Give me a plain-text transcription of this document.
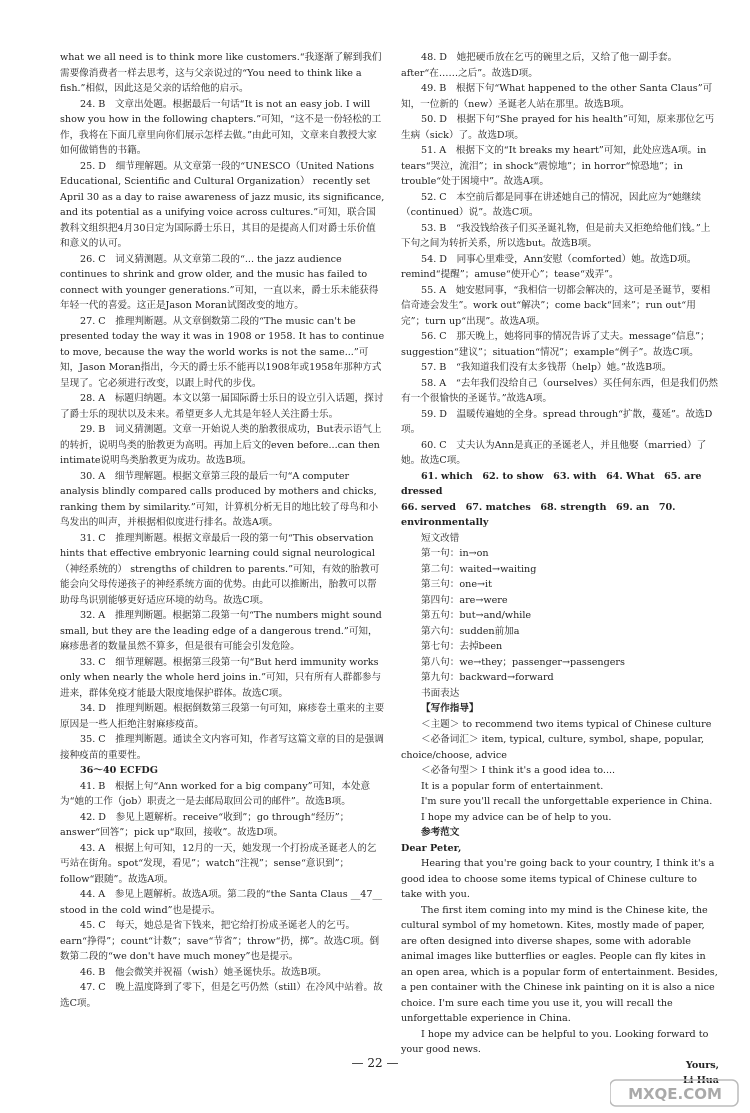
what we all need is to think more like customers.“我逐渐了解到我们需要像消费者一样去思考，这与父亲说过的“You need to think like a fish.”相似，因此这是父亲的话给他的启示。

24. B　文章出处题。根据最后一句话“It is not an easy job. I will show you how in the following chapters.”可知，“这不是一份轻松的工作，我将在下面几章里向你们展示怎样去做。”由此可知，文章来自教授大家如何做销售的书籍。

25. D　细节理解题。从文章第一段的“UNESCO（United Nations Educational, Scientific and Cultural Organization） recently set April 30 as a day to raise awareness of jazz music, its significance, and its potential as a unifying voice across cultures.”可知，联合国教科文组织把4月30日定为国际爵士乐日，其目的是提高人们对爵士乐价值和意义的认可。

26. C　词义猜测题。从文章第二段的“... the jazz audience continues to shrink and grow older, and the music has failed to connect with younger generations.”可知，一直以来，爵士乐未能获得年轻一代的喜爱。这正是Jason Moran试图改变的地方。

27. C　推理判断题。从文章倒数第二段的“The music can't be presented today the way it was in 1908 or 1958. It has to continue to move, because the way the world works is not the same...”可知，Jason Moran指出，今天的爵士乐不能再以1908年或1958年那种方式呈现了。它必须进行改变，以跟上时代的步伐。

28. A　标题归纳题。本文以第一届国际爵士乐日的设立引入话题，探讨了爵士乐的现状以及未来。希望更多人尤其是年轻人关注爵士乐。

29. B　词义猜测题。文章一开始说人类的胎教很成功，But表示语气上的转折，说明鸟类的胎教更为高明。再加上后文的even before...can then intimate说明鸟类胎教更为成功。故选B项。

30. A　细节理解题。根据文章第三段的最后一句“A computer analysis blindly compared calls produced by mothers and chicks, ranking them by similarity.”可知，计算机分析无目的地比较了母鸟和小鸟发出的叫声，并根据相似度进行排名。故选A项。

31. C　推理判断题。根据文章最后一段的第一句“This observation hints that effective embryonic learning could signal neurological（神经系统的） strengths of children to parents.”可知，有效的胎教可能会向父母传递孩子的神经系统方面的优势。由此可以推断出，胎教可以帮助母鸟识别能够更好适应环境的幼鸟。故选C项。

32. A　推理判断题。根据第二段第一句“The numbers might sound small, but they are the leading edge of a dangerous trend.”可知，麻疹患者的数量虽然不算多，但是很有可能会引发危险。

33. C　细节理解题。根据第三段第一句“But herd immunity works only when nearly the whole herd joins in.”可知，只有所有人群都参与进来，群体免疫才能最大限度地保护群体。故选C项。

34. D　推理判断题。根据倒数第三段第一句可知，麻疹卷土重来的主要原因是一些人拒绝注射麻疹疫苗。

35. C　推理判断题。通读全文内容可知，作者写这篇文章的目的是强调接种疫苗的重要性。

36～40 ECFDG

41. B　根据上句“Ann worked for a big company”可知，本处意为“她的工作（job）职责之一是去邮局取回公司的邮件”。故选B项。

42. D　参见上题解析。receive“收到”；go through“经历”；answer“回答”；pick up“取回，接收”。故选D项。

43. A　根据上句可知，12月的一天，她发现一个打扮成圣诞老人的乞丐站在街角。spot“发现，看见”；watch“注视”；sense“意识到”；follow“跟随”。故选A项。

44. A　参见上题解析。故选A项。第二段的“the Santa Claus __47__ stood in the cold wind”也是提示。

45. C　每天，她总是省下钱来，把它给打扮成圣诞老人的乞丐。earn“挣得”；count“计数”；save“节省”；throw“扔，掷”。故选C项。倒数第二段的“we don't have much money”也是提示。

46. B　他会微笑并祝福（wish）她圣诞快乐。故选B项。

47. C　晚上温度降到了零下，但是乞丐仍然（still）在冷风中站着。故选C项。

48. D　她把硬币放在乞丐的碗里之后，又给了他一副手套。after“在……之后”。故选D项。

49. B　根据下句“What happened to the other Santa Claus”可知，一位新的（new）圣诞老人站在那里。故选B项。

50. D　根据下句“She prayed for his health”可知，原来那位乞丐生病（sick）了。故选D项。

51. A　根据下文的“It breaks my heart”可知，此处应选A项。in tears“哭泣，流泪”；in shock“震惊地”；in horror“惊恐地”；in trouble“处于困境中”。故选A项。

52. C　本空前后都是同事在讲述她自己的情况，因此应为“她继续（continued）说”。故选C项。

53. B　“我没钱给孩子们买圣诞礼物，但是前夫又拒绝给他们钱。”上下句之间为转折关系，所以选but。故选B项。

54. D　同事心里难受，Ann安慰（comforted）她。故选D项。remind“提醒”；amuse“使开心”；tease“戏弄”。

55. A　她安慰同事，“我相信一切都会解决的，这可是圣诞节，要相信奇迹会发生”。work out“解决”；come back“回来”；run out“用完”；turn up“出现”。故选A项。

56. C　那天晚上，她将同事的情况告诉了丈夫。message“信息”；suggestion“建议”；situation“情况”；example“例子”。故选C项。

57. B　“我知道我们没有太多钱帮（help）她。”故选B项。

58. A　“去年我们没给自己（ourselves）买任何东西，但是我们仍然有一个很愉快的圣诞节。”故选A项。

59. D　温暖传遍她的全身。spread through“扩散，蔓延”。故选D项。

60. C　丈夫认为Ann是真正的圣诞老人，并且他娶（married）了她。故选C项。

61. which　62. to show　63. with　64. What　65. are dressed

66. served　67. matches　68. strength　69. an　70. environmentally

短文改错

第一句：in→on

第二句：waited→waiting

第三句：one→it

第四句：are→were

第五句：but→and/while

第六句：sudden前加a

第七句：去掉been

第八句：we→they；passenger→passengers

第九句：backward→forward

书面表达

【写作指导】

＜主题＞ to recommend two items typical of Chinese culture

＜必备词汇＞ item, typical, culture, symbol, shape, popular, choice/choose, advice

＜必备句型＞ I think it's a good idea to....

It is a popular form of entertainment.

I'm sure you'll recall the unforgettable experience in China.

I hope my advice can be of help to you.

参考范文

Dear Peter,

Hearing that you're going back to your country, I think it's a good idea to choose some items typical of Chinese culture to take with you.

The first item coming into my mind is the Chinese kite, the cultural symbol of my hometown. Kites, mostly made of paper, are often designed into diverse shapes, some with adorable animal images like butterflies or eagles. People can fly kites in an open area, which is a popular form of entertainment. Besides, a pen container with the Chinese ink painting on it is also a nice choice. I'm sure each time you use it, you will recall the unforgettable experience in China.

I hope my advice can be helpful to you. Looking forward to your good news.

Yours,

Li Hua

— 22 —
MXQE.COM
